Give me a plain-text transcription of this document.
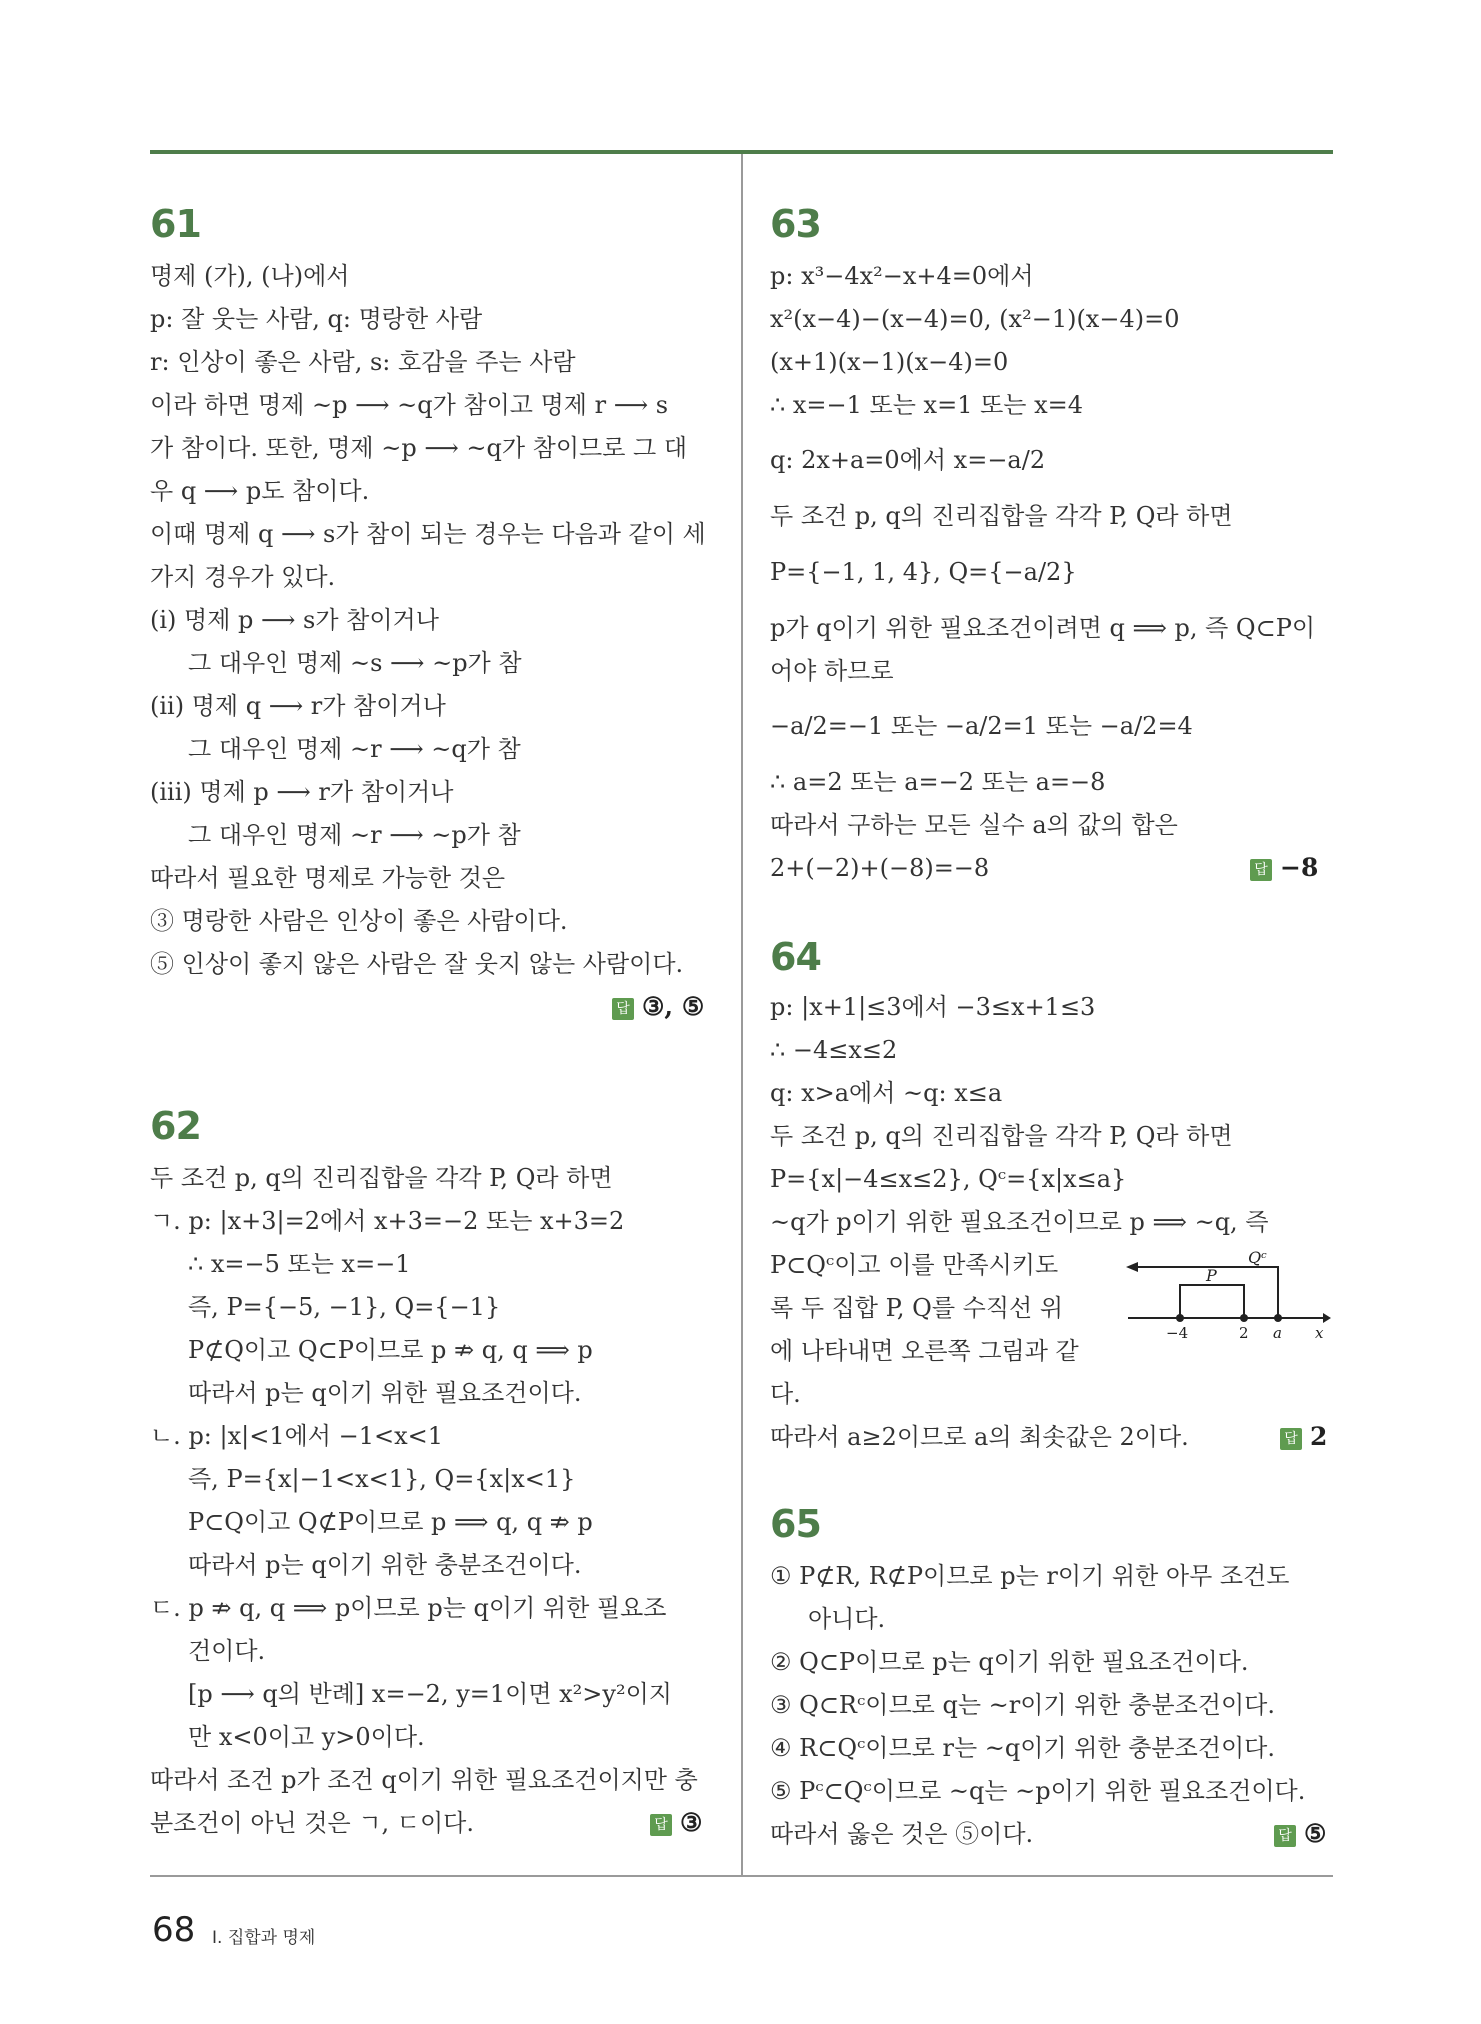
61
명제 (가), (나)에서
p: 잘 웃는 사람, q: 명랑한 사람
r: 인상이 좋은 사람, s: 호감을 주는 사람
이라 하면 명제 ~p ⟶ ~q가 참이고 명제 r ⟶ s
가 참이다. 또한, 명제 ~p ⟶ ~q가 참이므로 그 대
우 q ⟶ p도 참이다.
이때 명제 q ⟶ s가 참이 되는 경우는 다음과 같이 세
가지 경우가 있다.
(i) 명제 p ⟶ s가 참이거나
그 대우인 명제 ~s ⟶ ~p가 참
(ii) 명제 q ⟶ r가 참이거나
그 대우인 명제 ~r ⟶ ~q가 참
(iii) 명제 p ⟶ r가 참이거나
그 대우인 명제 ~r ⟶ ~p가 참
따라서 필요한 명제로 가능한 것은
③ 명랑한 사람은 인상이 좋은 사람이다.
⑤ 인상이 좋지 않은 사람은 잘 웃지 않는 사람이다.
답 ③, ⑤
62
두 조건 p, q의 진리집합을 각각 P, Q라 하면
ㄱ. p: |x+3|=2에서 x+3=−2 또는 x+3=2
∴ x=−5 또는 x=−1
즉, P={−5, −1}, Q={−1}
P⊄Q이고 Q⊂P이므로 p ⇏ q, q ⟹ p
따라서 p는 q이기 위한 필요조건이다.
ㄴ. p: |x|<1에서 −1<x<1
즉, P={x|−1<x<1}, Q={x|x<1}
P⊂Q이고 Q⊄P이므로 p ⟹ q, q ⇏ p
따라서 p는 q이기 위한 충분조건이다.
ㄷ. p ⇏ q, q ⟹ p이므로 p는 q이기 위한 필요조
건이다.
[p ⟶ q의 반례] x=−2, y=1이면 x²>y²이지
만 x<0이고 y>0이다.
따라서 조건 p가 조건 q이기 위한 필요조건이지만 충
분조건이 아닌 것은 ㄱ, ㄷ이다.	답 ③
63
p: x³−4x²−x+4=0에서
x²(x−4)−(x−4)=0, (x²−1)(x−4)=0
(x+1)(x−1)(x−4)=0
∴ x=−1 또는 x=1 또는 x=4
q: 2x+a=0에서 x=−a/2
두 조건 p, q의 진리집합을 각각 P, Q라 하면
P={−1, 1, 4}, Q={−a/2}
p가 q이기 위한 필요조건이려면 q ⟹ p, 즉 Q⊂P이
어야 하므로
−a/2=−1 또는 −a/2=1 또는 −a/2=4
∴ a=2 또는 a=−2 또는 a=−8
따라서 구하는 모든 실수 a의 값의 합은
2+(−2)+(−8)=−8	답 −8
64
p: |x+1|≤3에서 −3≤x+1≤3
∴ −4≤x≤2
q: x>a에서 ~q: x≤a
두 조건 p, q의 진리집합을 각각 P, Q라 하면
P={x|−4≤x≤2}, Qᶜ={x|x≤a}
~q가 p이기 위한 필요조건이므로 p ⟹ ~q, 즉
P⊂Qᶜ이고 이를 만족시키도
록 두 집합 P, Q를 수직선 위
에 나타내면 오른쪽 그림과 같
다.
따라서 a≥2이므로 a의 최솟값은 2이다.	답 2
Qᶜ
P
−4	2 a x
65
① P⊄R, R⊄P이므로 p는 r이기 위한 아무 조건도
아니다.
② Q⊂P이므로 p는 q이기 위한 필요조건이다.
③ Q⊂Rᶜ이므로 q는 ~r이기 위한 충분조건이다.
④ R⊂Qᶜ이므로 r는 ~q이기 위한 충분조건이다.
⑤ Pᶜ⊂Qᶜ이므로 ~q는 ~p이기 위한 필요조건이다.
따라서 옳은 것은 ⑤이다.	답 ⑤
68 Ⅰ. 집합과 명제
